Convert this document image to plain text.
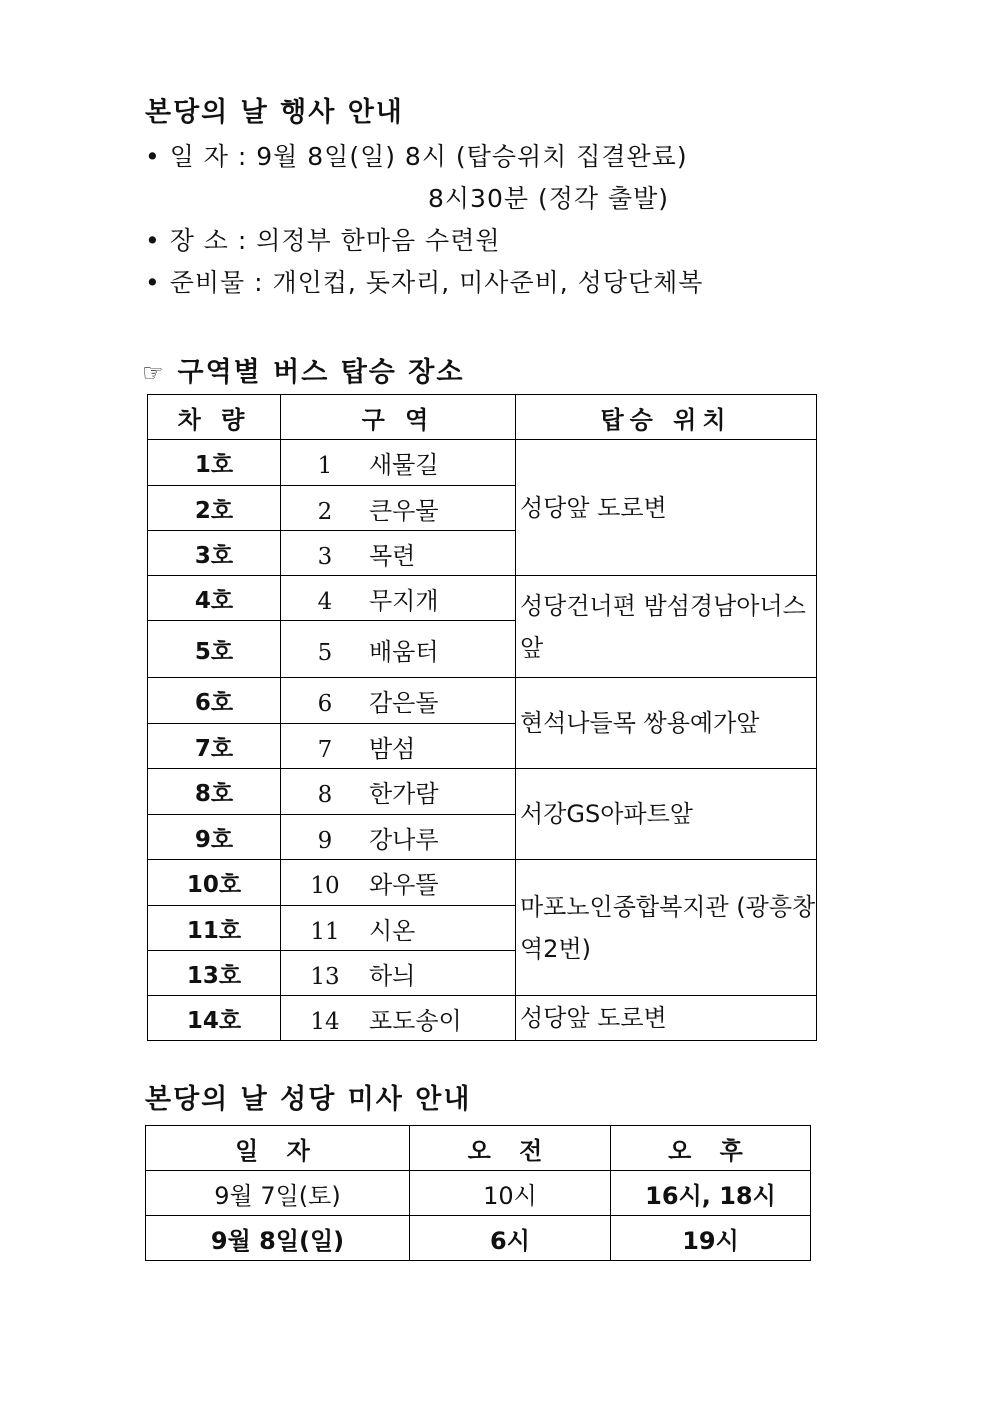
본당의 날 행사 안내
• 일 자 : 9월 8일(일) 8시 (탑승위치 집결완료)
8시30분 (정각 출발)
• 장 소 : 의정부 한마음 수련원
• 준비물 : 개인컵, 돗자리, 미사준비, 성당단체복
☞ 구역별 버스 탑승 장소
차 량	구 역	탑승 위치
1호	1 새물길	성당앞 도로변
2호	2 큰우물	
3호	3 목련	
4호	4 무지개	성당건너편 밤섬경남아너스앞
5호	5 배움터	
6호	6 감은돌	현석나들목 쌍용예가앞
7호	7 밤섬	
8호	8 한가람	서강GS아파트앞
9호	9 강나루	
10호	10 와우뜰	마포노인종합복지관 (광흥창역2번)
11호	11 시온	
13호	13 하늬	
14호	14 포도송이	성당앞 도로변
본당의 날 성당 미사 안내
일 자	오 전	오 후
9월 7일(토)	10시	16시, 18시
9월 8일(일)	6시	19시
